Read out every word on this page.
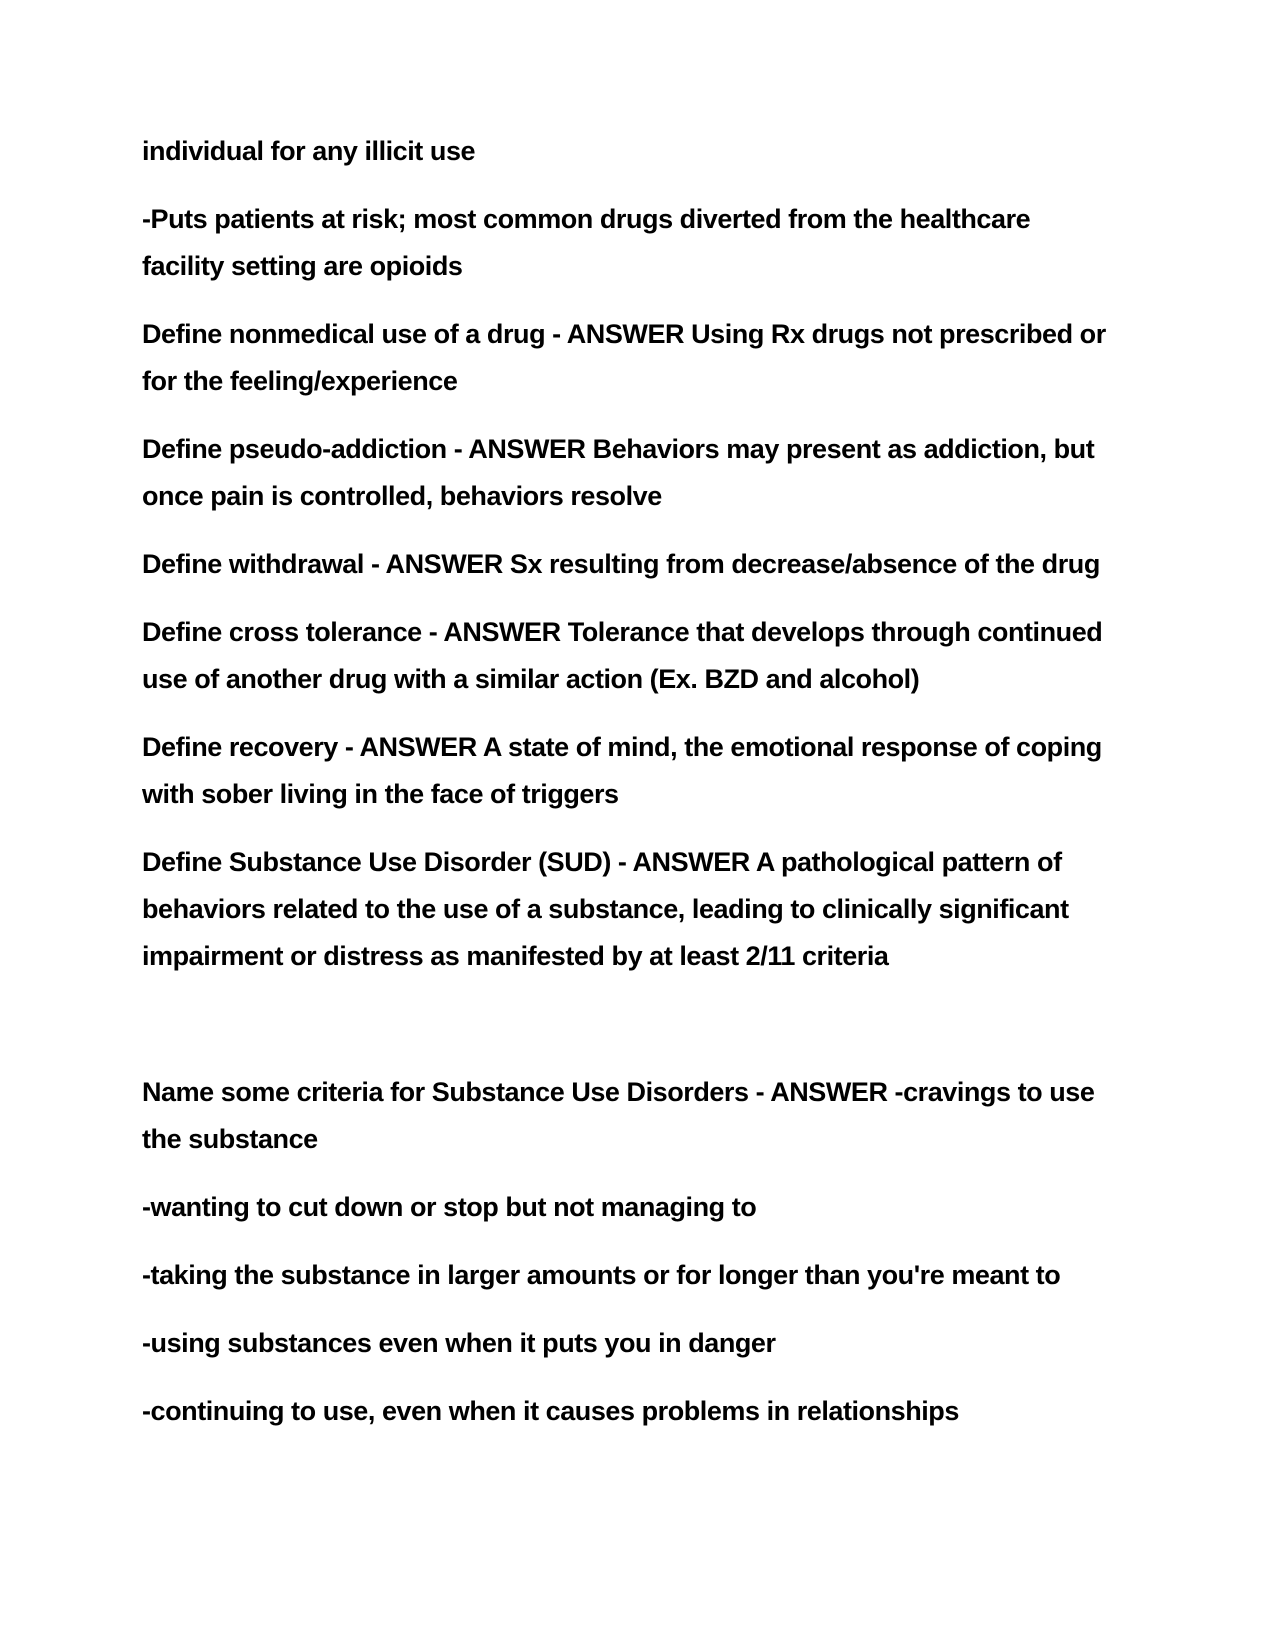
individual for any illicit use
-Puts patients at risk; most common drugs diverted from the healthcare
facility setting are opioids
Define nonmedical use of a drug - ANSWER Using Rx drugs not prescribed or
for the feeling/experience
Define pseudo-addiction - ANSWER Behaviors may present as addiction, but
once pain is controlled, behaviors resolve
Define withdrawal - ANSWER Sx resulting from decrease/absence of the drug
Define cross tolerance - ANSWER Tolerance that develops through continued
use of another drug with a similar action (Ex. BZD and alcohol)
Define recovery - ANSWER A state of mind, the emotional response of coping
with sober living in the face of triggers
Define Substance Use Disorder (SUD) - ANSWER A pathological pattern of
behaviors related to the use of a substance, leading to clinically significant
impairment or distress as manifested by at least 2/11 criteria
Name some criteria for Substance Use Disorders - ANSWER -cravings to use
the substance
-wanting to cut down or stop but not managing to
-taking the substance in larger amounts or for longer than you're meant to
-using substances even when it puts you in danger
-continuing to use, even when it causes problems in relationships
